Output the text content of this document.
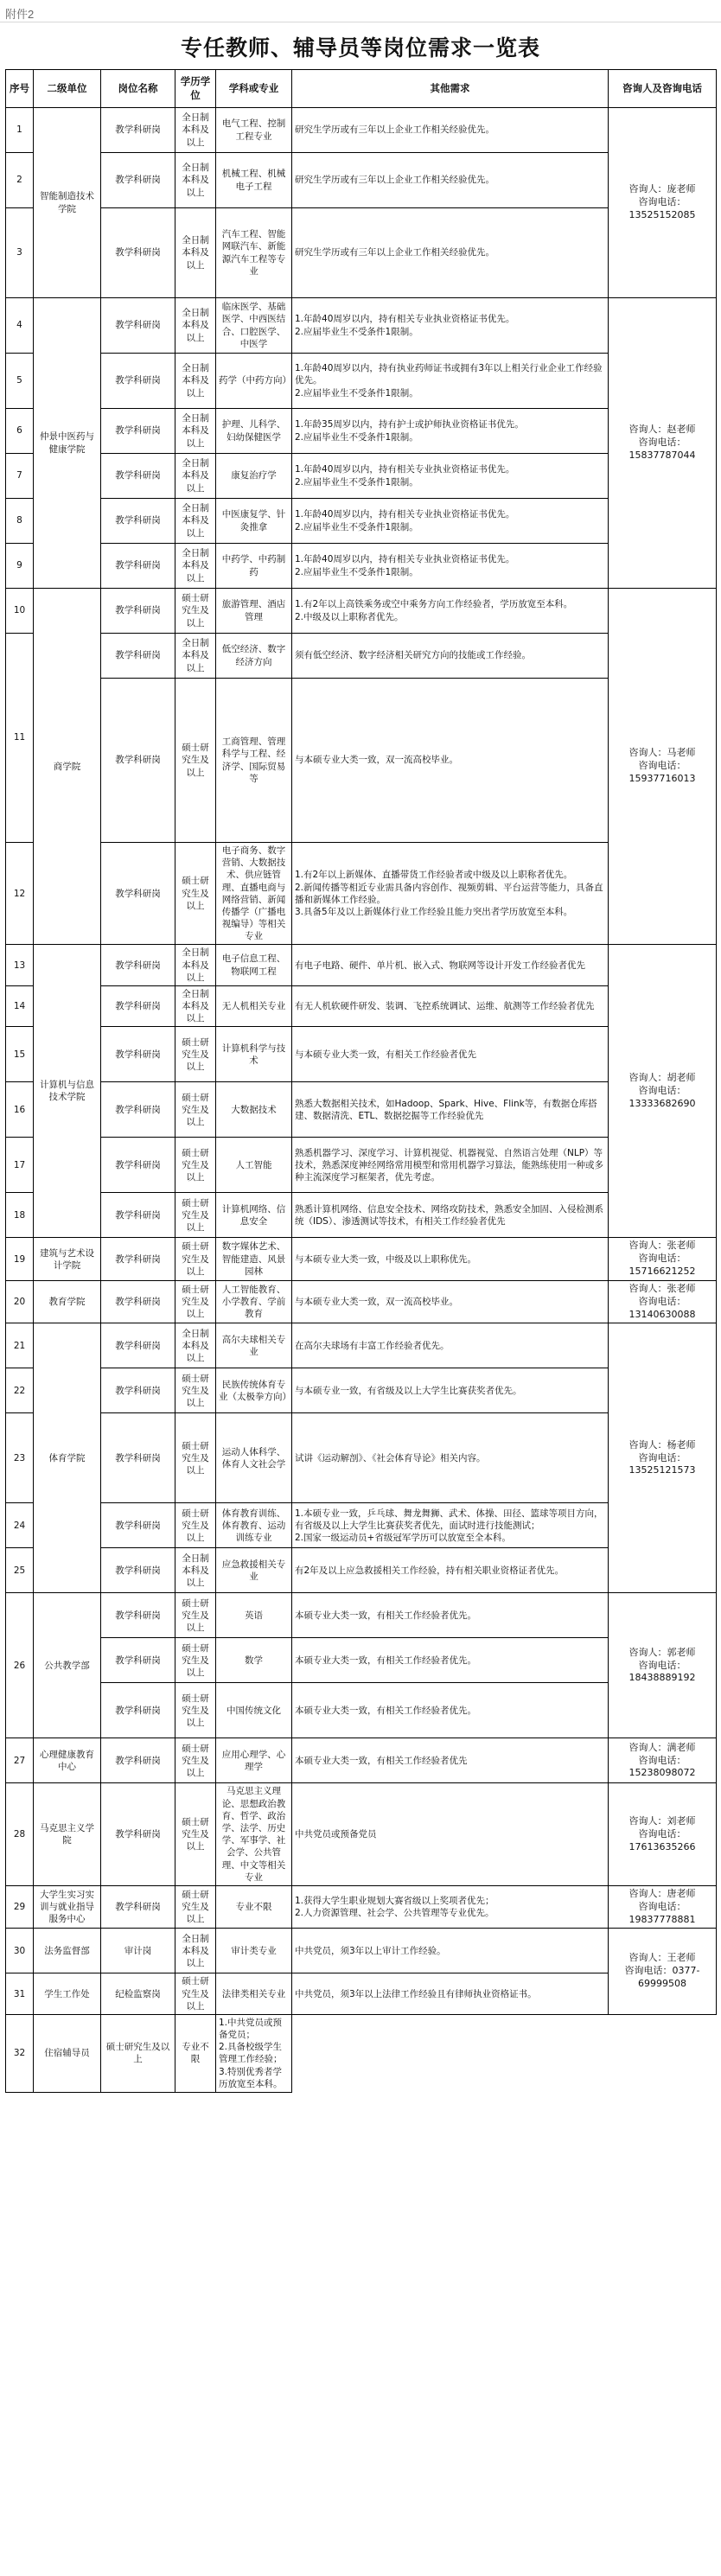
附件2
专任教师、辅导员等岗位需求一览表
序号	二级单位	岗位名称	学历学位	学科或专业	其他需求	咨询人及咨询电话
1	智能制造技术学院	教学科研岗	全日制本科及以上	电气工程、控制工程专业	研究生学历或有三年以上企业工作相关经验优先。	咨询人：庞老师
咨询电话：
13525152085
2		教学科研岗	全日制本科及以上	机械工程、机械电子工程	研究生学历或有三年以上企业工作相关经验优先。	
3		教学科研岗	全日制本科及以上	汽车工程、智能网联汽车、新能源汽车工程等专业	研究生学历或有三年以上企业工作相关经验优先。	
4	仲景中医药与健康学院	教学科研岗	全日制本科及以上	临床医学、基础医学、中西医结合、口腔医学、中医学	1.年龄40周岁以内，持有相关专业执业资格证书优先。
2.应届毕业生不受条件1限制。	咨询人：赵老师
咨询电话：
15837787044
5		教学科研岗	全日制本科及以上	药学（中药方向）	1.年龄40周岁以内，持有执业药师证书或拥有3年以上相关行业企业工作经验优先。
2.应届毕业生不受条件1限制。	
6		教学科研岗	全日制本科及以上	护理、儿科学、妇幼保健医学	1.年龄35周岁以内，持有护士或护师执业资格证书优先。
2.应届毕业生不受条件1限制。	
7		教学科研岗	全日制本科及以上	康复治疗学	1.年龄40周岁以内，持有相关专业执业资格证书优先。
2.应届毕业生不受条件1限制。	
8		教学科研岗	全日制本科及以上	中医康复学、针灸推拿	1.年龄40周岁以内，持有相关专业执业资格证书优先。
2.应届毕业生不受条件1限制。	
9		教学科研岗	全日制本科及以上	中药学、中药制药	1.年龄40周岁以内，持有相关专业执业资格证书优先。
2.应届毕业生不受条件1限制。	
10	商学院	教学科研岗	硕士研究生及以上	旅游管理、酒店管理	1.有2年以上高铁乘务或空中乘务方向工作经验者，学历放宽至本科。
2.中级及以上职称者优先。	咨询人：马老师
咨询电话：
15937716013
11		教学科研岗	全日制本科及以上	低空经济、数字经济方向	须有低空经济、数字经济相关研究方向的技能或工作经验。	
		教学科研岗	硕士研究生及以上	工商管理、管理科学与工程、经济学、国际贸易等	与本硕专业大类一致，双一流高校毕业。	
12		教学科研岗	硕士研究生及以上	电子商务、数字营销、大数据技术、供应链管理、直播电商与网络营销、新闻传播学（广播电视编导）等相关专业	1.有2年以上新媒体、直播带货工作经验者或中级及以上职称者优先。
2.新闻传播等相近专业需具备内容创作、视频剪辑、平台运营等能力，具备直播和新媒体工作经验。
3.具备5年及以上新媒体行业工作经验且能力突出者学历放宽至本科。	
13	计算机与信息技术学院	教学科研岗	全日制本科及以上	电子信息工程、物联网工程	有电子电路、硬件、单片机、嵌入式、物联网等设计开发工作经验者优先	咨询人：胡老师
咨询电话：
13333682690
14		教学科研岗	全日制本科及以上	无人机相关专业	有无人机软硬件研发、装调、飞控系统调试、运维、航测等工作经验者优先	
15		教学科研岗	硕士研究生及以上	计算机科学与技术	与本硕专业大类一致，有相关工作经验者优先	
16		教学科研岗	硕士研究生及以上	大数据技术	熟悉大数据相关技术，如Hadoop、Spark、Hive、Flink等，有数据仓库搭建、数据清洗、ETL、数据挖掘等工作经验优先	
17		教学科研岗	硕士研究生及以上	人工智能	熟悉机器学习、深度学习、计算机视觉、机器视觉、自然语言处理（NLP）等技术，熟悉深度神经网络常用模型和常用机器学习算法，能熟练使用一种或多种主流深度学习框架者，优先考虑。	
18		教学科研岗	硕士研究生及以上	计算机网络、信息安全	熟悉计算机网络、信息安全技术、网络攻防技术，熟悉安全加固、入侵检测系统（IDS）、渗透测试等技术，有相关工作经验者优先	
19	建筑与艺术设计学院	教学科研岗	硕士研究生及以上	数字媒体艺术、智能建造、风景园林	与本硕专业大类一致，中级及以上职称优先。	咨询人：张老师
咨询电话：
15716621252
20	教育学院	教学科研岗	硕士研究生及以上	人工智能教育、小学教育、学前教育	与本硕专业大类一致，双一流高校毕业。	咨询人：张老师
咨询电话：
13140630088
21	体育学院	教学科研岗	全日制本科及以上	高尔夫球相关专业	在高尔夫球场有丰富工作经验者优先。	咨询人：杨老师
咨询电话：
13525121573
22		教学科研岗	硕士研究生及以上	民族传统体育专业（太极拳方向）	与本硕专业一致，有省级及以上大学生比赛获奖者优先。	
23		教学科研岗	硕士研究生及以上	运动人体科学、体育人文社会学	试讲《运动解剖》、《社会体育导论》相关内容。	
24		教学科研岗	硕士研究生及以上	体育教育训练、体育教育、运动训练专业	1.本硕专业一致，乒乓球、舞龙舞狮、武术、体操、田径、篮球等项目方向，有省级及以上大学生比赛获奖者优先，面试时进行技能测试；
2.国家一级运动员+省级冠军学历可以放宽至全本科。	
25		教学科研岗	全日制本科及以上	应急救援相关专业	有2年及以上应急救援相关工作经验，持有相关职业资格证者优先。	
26	公共教学部	教学科研岗	硕士研究生及以上	英语	本硕专业大类一致，有相关工作经验者优先。	咨询人：郭老师
咨询电话：
18438889192
		教学科研岗	硕士研究生及以上	数学	本硕专业大类一致，有相关工作经验者优先。	
		教学科研岗	硕士研究生及以上	中国传统文化	本硕专业大类一致，有相关工作经验者优先。	
27	心理健康教育中心	教学科研岗	硕士研究生及以上	应用心理学、心理学	本硕专业大类一致，有相关工作经验者优先	咨询人：满老师
咨询电话：
15238098072
28	马克思主义学院	教学科研岗	硕士研究生及以上	马克思主义理论、思想政治教育、哲学、政治学、法学、历史学、军事学、社会学、公共管理、中文等相关专业	中共党员或预备党员	咨询人：刘老师
咨询电话：
17613635266
29	大学生实习实训与就业指导服务中心	教学科研岗	硕士研究生及以上	专业不限	1.获得大学生职业规划大赛省级以上奖项者优先；
2.人力资源管理、社会学、公共管理等专业优先。	咨询人：唐老师
咨询电话：
19837778881
30	法务监督部	审计岗	全日制本科及以上	审计类专业	中共党员，须3年以上审计工作经验。	咨询人：王老师
咨询电话：0377-69999508
31	学生工作处	纪检监察岗	硕士研究生及以上	法律类相关专业	中共党员，须3年以上法律工作经验且有律师执业资格证书。	
32	住宿辅导员	硕士研究生及以上	专业不限	1.中共党员或预备党员；
2.具备校级学生管理工作经验；
3.特别优秀者学历放宽至本科。		
